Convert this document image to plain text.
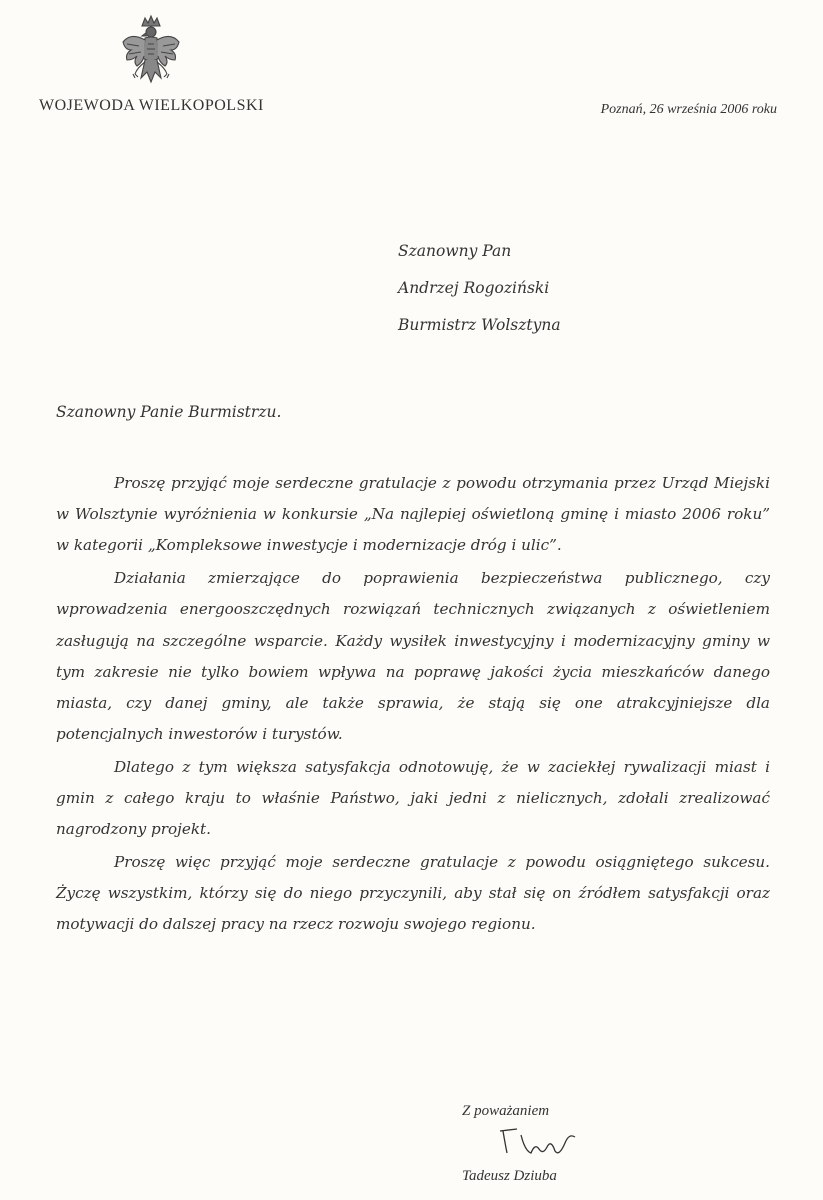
WOJEWODA WIELKOPOLSKI	Poznań, 26 września 2006 roku
Szanowny Pan
Andrzej Rogoziński
Burmistrz Wolsztyna
Szanowny Panie Burmistrzu.

Proszę przyjąć moje serdeczne gratulacje z powodu otrzymania przez Urząd Miejski w Wolsztynie wyróżnienia w konkursie „Na najlepiej oświetloną gminę i miasto 2006 roku” w kategorii „Kompleksowe inwestycje i modernizacje dróg i ulic”.

Działania zmierzające do poprawienia bezpieczeństwa publicznego, czy wprowadzenia energooszczędnych rozwiązań technicznych związanych z oświetleniem zasługują na szczególne wsparcie. Każdy wysiłek inwestycyjny i modernizacyjny gminy w tym zakresie nie tylko bowiem wpływa na poprawę jakości życia mieszkańców danego miasta, czy danej gminy, ale także sprawia, że stają się one atrakcyjniejsze dla potencjalnych inwestorów i turystów.

Dlatego z tym większa satysfakcja odnotowuję, że w zaciekłej rywalizacji miast i gmin z całego kraju to właśnie Państwo, jaki jedni z nielicznych, zdołali zrealizować nagrodzony projekt.

Proszę więc przyjąć moje serdeczne gratulacje z powodu osiągniętego sukcesu. Życzę wszystkim, którzy się do niego przyczynili, aby stał się on źródłem satysfakcji oraz motywacji do dalszej pracy na rzecz rozwoju swojego regionu.

Z poważaniem
Tadeusz Dziuba
